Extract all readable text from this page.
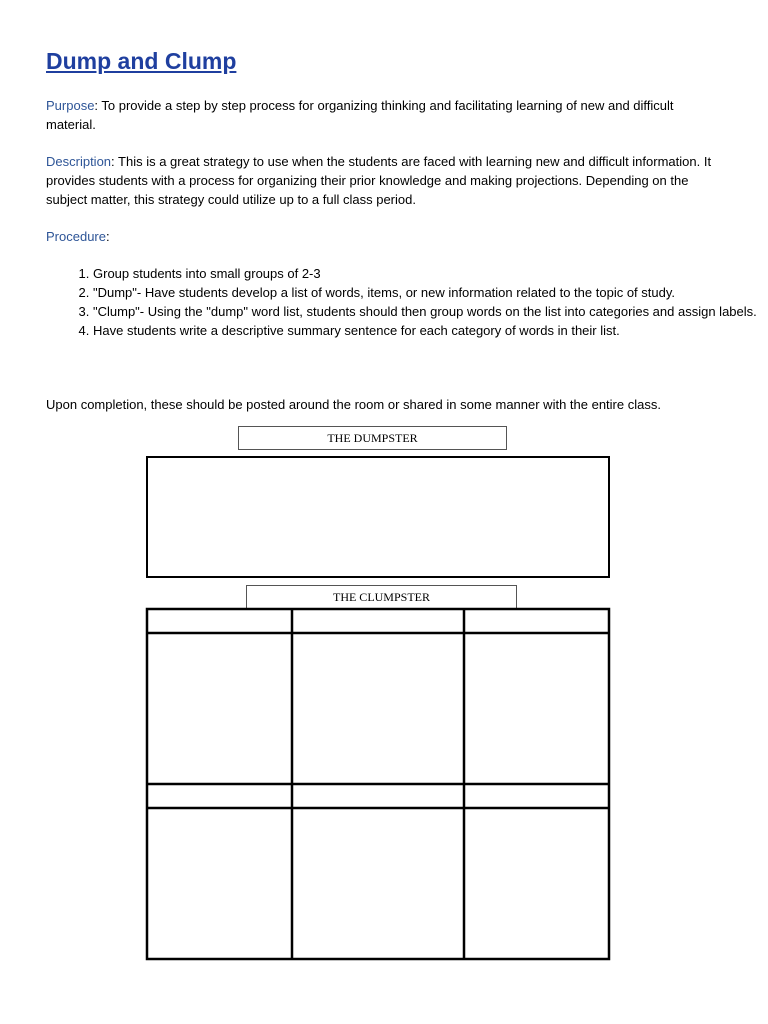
Dump and Clump

Purpose: To provide a step by step process for organizing thinking and facilitating learning of new and difficult material.

Description: This is a great strategy to use when the students are faced with learning new and difficult information. It provides students with a process for organizing their prior knowledge and making projections. Depending on the subject matter, this strategy could utilize up to a full class period.

Procedure:

1. Group students into small groups of 2-3
2. "Dump"- Have students develop a list of words, items, or new information related to the topic of study.
3. "Clump"- Using the "dump" word list, students should then group words on the list into categories and assign labels.
4. Have students write a descriptive summary sentence for each category of words in their list.

Upon completion, these should be posted around the room or shared in some manner with the entire class.

THE DUMPSTER
THE CLUMPSTER
